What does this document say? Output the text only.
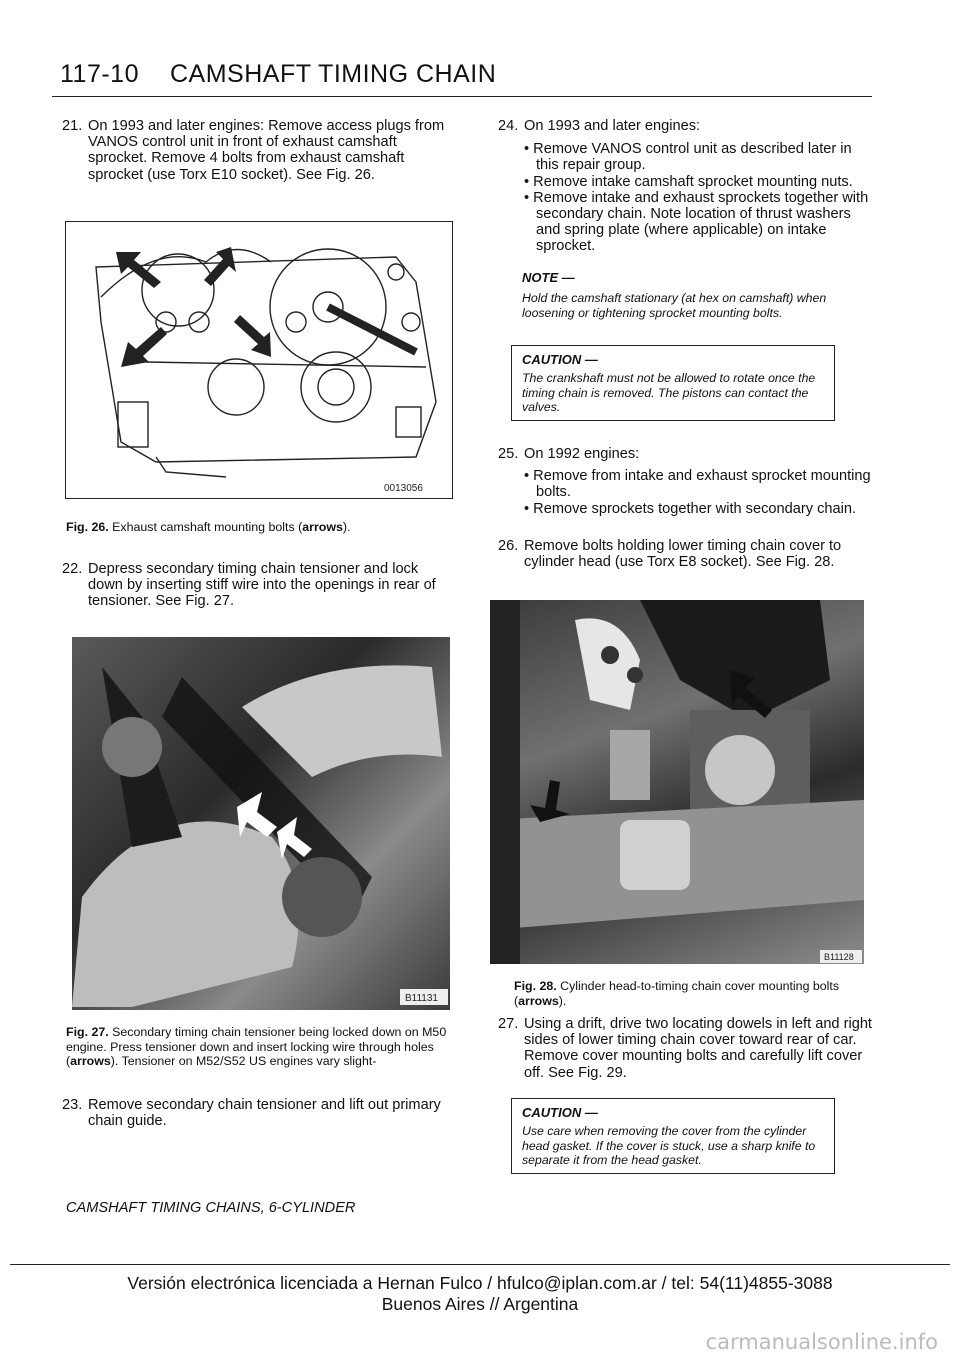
117-10 CAMSHAFT TIMING CHAIN
21. On 1993 and later engines: Remove access plugs from VANOS control unit in front of exhaust camshaft sprocket. Remove 4 bolts from exhaust camshaft sprocket (use Torx E10 socket). See Fig. 26.
0013056
Fig. 26. Exhaust camshaft mounting bolts (arrows).
22. Depress secondary timing chain tensioner and lock down by inserting stiff wire into the openings in rear of tensioner. See Fig. 27.
B11131
Fig. 27. Secondary timing chain tensioner being locked down on M50 engine. Press tensioner down and insert locking wire through holes (arrows). Tensioner on M52/S52 US engines vary slight-
23. Remove secondary chain tensioner and lift out primary chain guide.
CAMSHAFT TIMING CHAINS, 6-CYLINDER
24. On 1993 and later engines:
• Remove VANOS control unit as described later in this repair group.
• Remove intake camshaft sprocket mounting nuts.
• Remove intake and exhaust sprockets together with secondary chain. Note location of thrust washers and spring plate (where applicable) on intake sprocket.
NOTE —
Hold the camshaft stationary (at hex on camshaft) when loosening or tightening sprocket mounting bolts.
CAUTION —
The crankshaft must not be allowed to rotate once the timing chain is removed. The pistons can contact the valves.
25. On 1992 engines:
• Remove from intake and exhaust sprocket mounting bolts.
• Remove sprockets together with secondary chain.
26. Remove bolts holding lower timing chain cover to cylinder head (use Torx E8 socket). See Fig. 28.
B11128
Fig. 28. Cylinder head-to-timing chain cover mounting bolts (arrows).
27. Using a drift, drive two locating dowels in left and right sides of lower timing chain cover toward rear of car. Remove cover mounting bolts and carefully lift cover off. See Fig. 29.
CAUTION —
Use care when removing the cover from the cylinder head gasket. If the cover is stuck, use a sharp knife to separate it from the head gasket.
Versión electrónica licenciada a Hernan Fulco / hfulco@iplan.com.ar / tel: 54(11)4855-3088
Buenos Aires // Argentina
carmanualsonline.info
